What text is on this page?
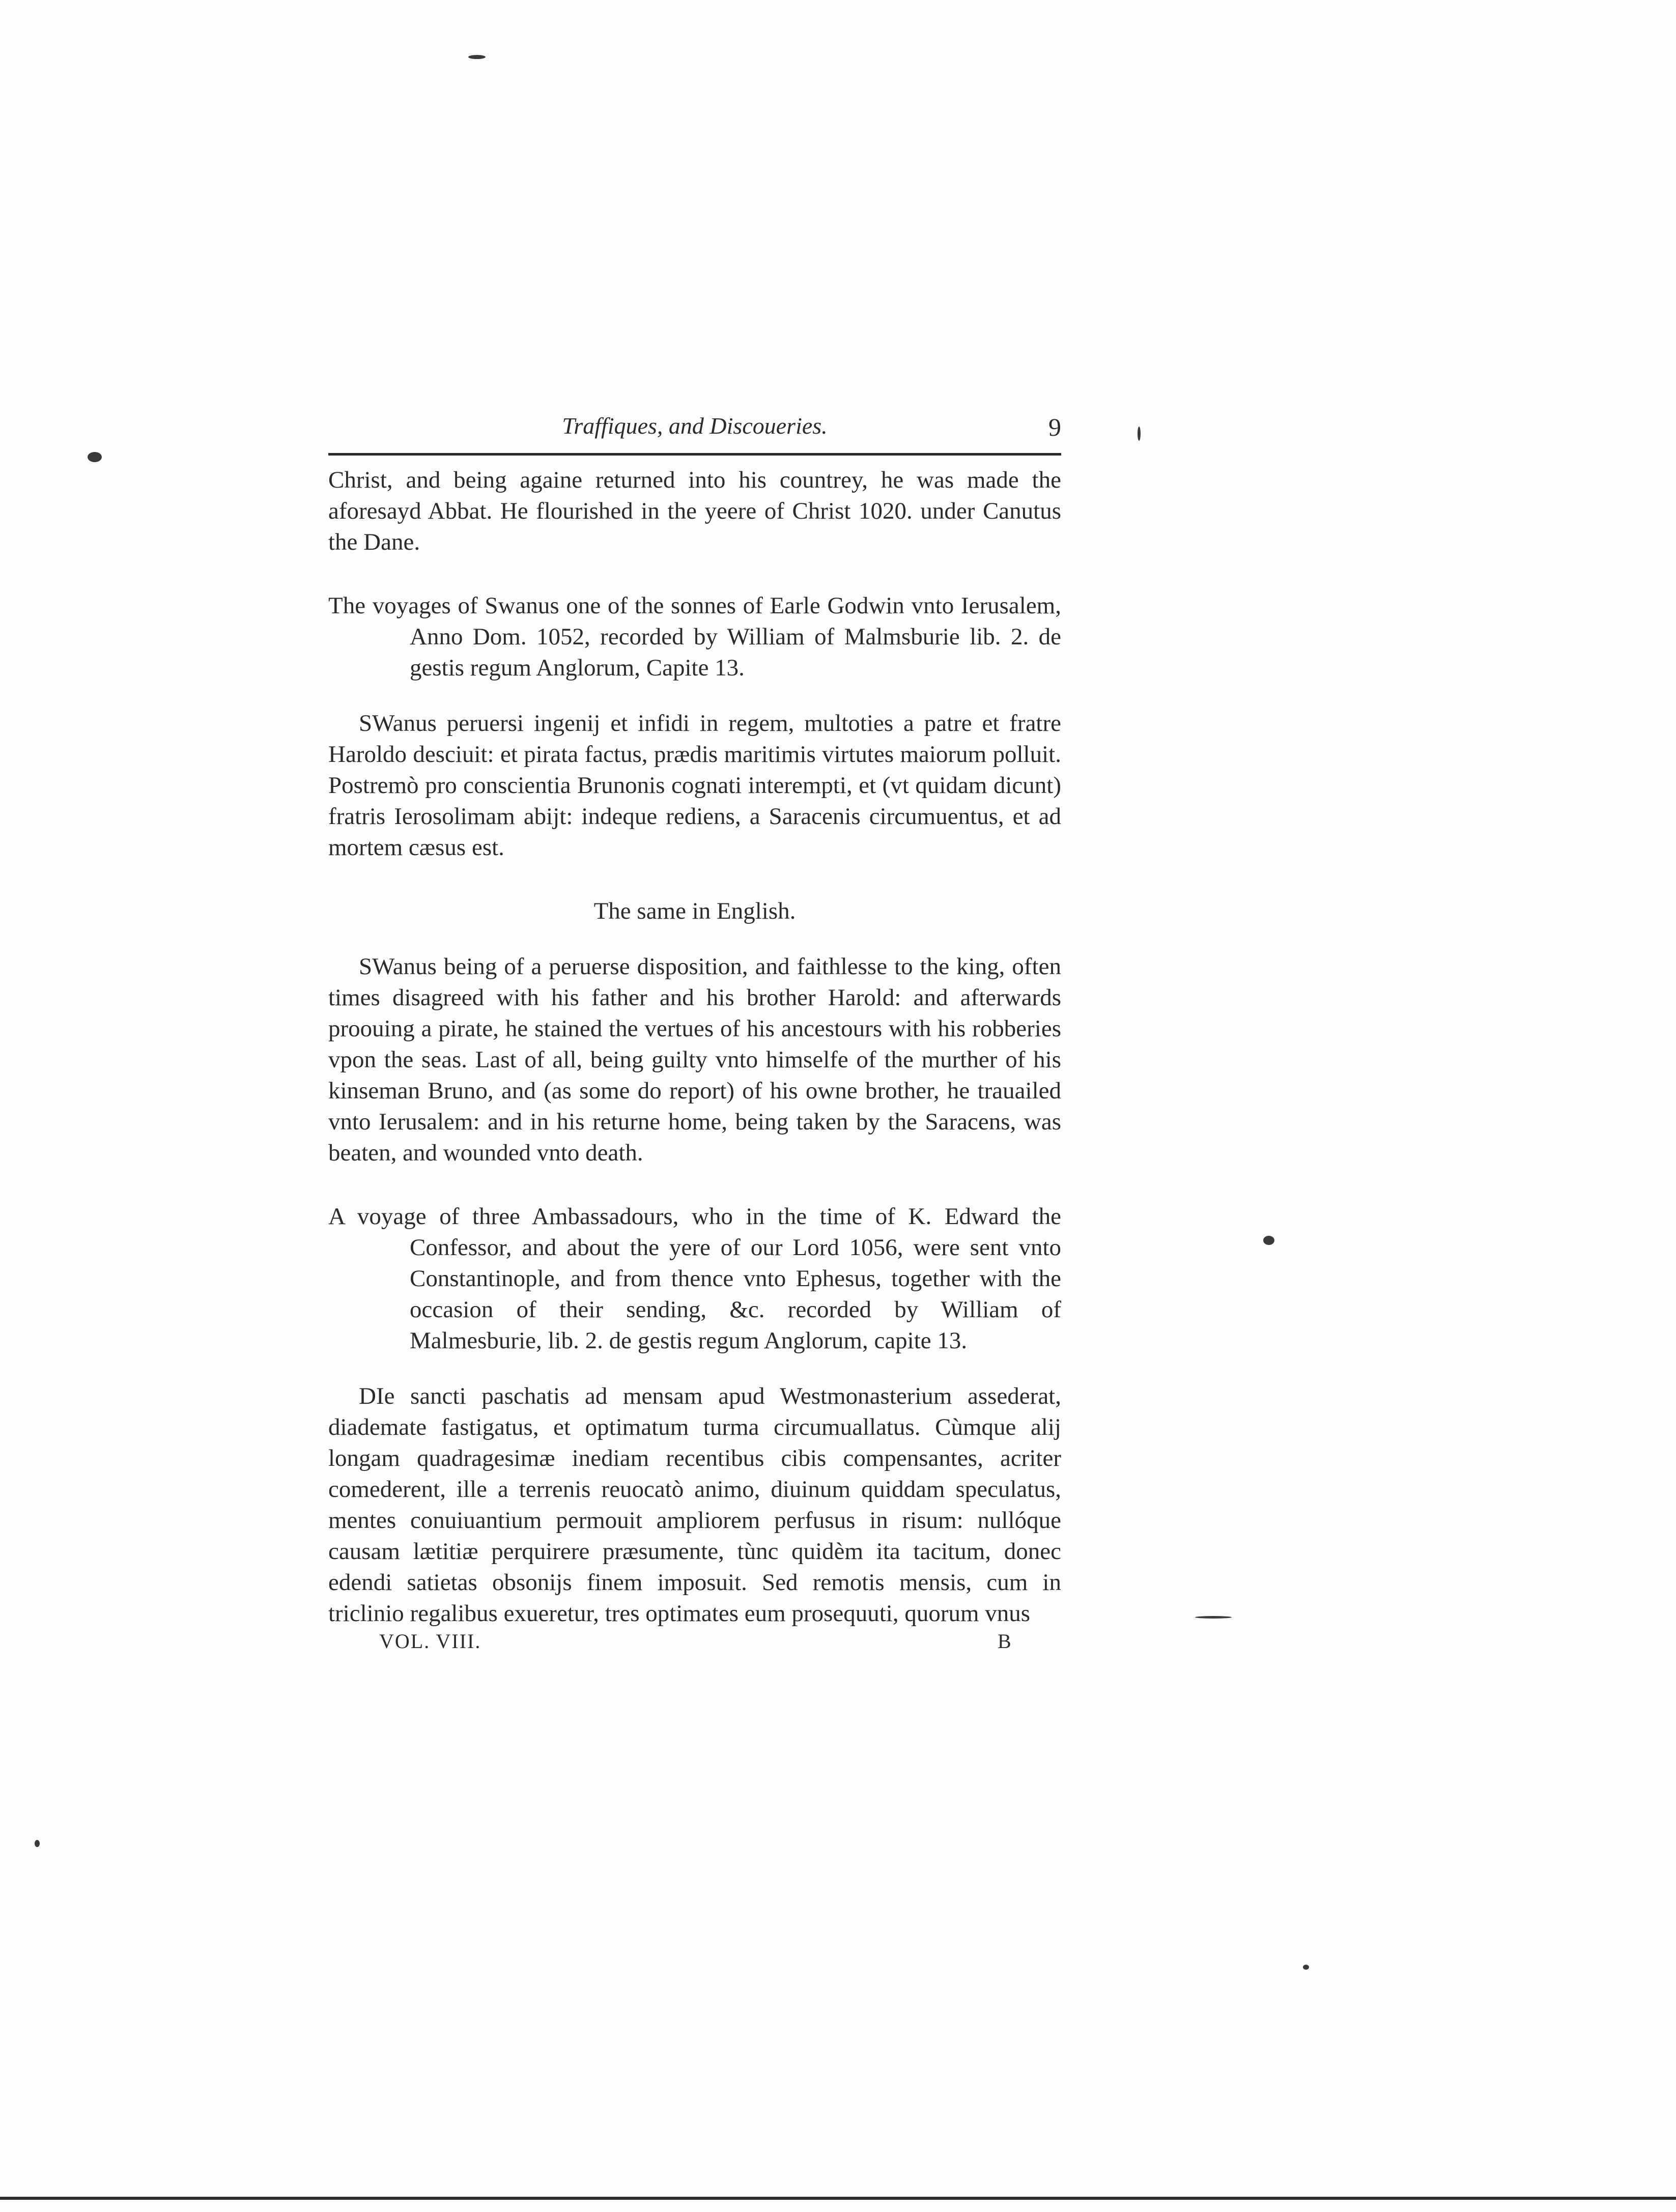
Traffiques, and Discoueries.	9

Christ, and being againe returned into his countrey, he was made the aforesayd Abbat. He flourished in the yeere of Christ 1020. under Canutus the Dane.

The voyages of Swanus one of the sonnes of Earle Godwin vnto Ierusalem, Anno Dom. 1052, recorded by William of Malmsburie lib. 2. de gestis regum Anglorum, Capite 13.

SWanus peruersi ingenij et infidi in regem, multoties a patre et fratre Haroldo desciuit: et pirata factus, prædis maritimis virtutes maiorum polluit. Postremò pro conscientia Brunonis cognati interempti, et (vt quidam dicunt) fratris Ierosolimam abijt: indeque rediens, a Saracenis circumuentus, et ad mortem cæsus est.

The same in English.

SWanus being of a peruerse disposition, and faithlesse to the king, often times disagreed with his father and his brother Harold: and afterwards proouing a pirate, he stained the vertues of his ancestours with his robberies vpon the seas. Last of all, being guilty vnto himselfe of the murther of his kinseman Bruno, and (as some do report) of his owne brother, he trauailed vnto Ierusalem: and in his returne home, being taken by the Saracens, was beaten, and wounded vnto death.

A voyage of three Ambassadours, who in the time of K. Edward the Confessor, and about the yere of our Lord 1056, were sent vnto Constantinople, and from thence vnto Ephesus, together with the occasion of their sending, &c. recorded by William of Malmesburie, lib. 2. de gestis regum Anglorum, capite 13.

DIe sancti paschatis ad mensam apud Westmonasterium assederat, diademate fastigatus, et optimatum turma circumuallatus. Cùmque alij longam quadragesimæ inediam recentibus cibis compensantes, acriter comederent, ille a terrenis reuocatò animo, diuinum quiddam speculatus, mentes conuiuantium permouit ampliorem perfusus in risum: nullóque causam lætitiæ perquirere præsumente, tùnc quidèm ita tacitum, donec edendi satietas obsonijs finem imposuit. Sed remotis mensis, cum in triclinio regalibus exueretur, tres optimates eum prosequuti, quorum vnus

VOL. VIII.	B
